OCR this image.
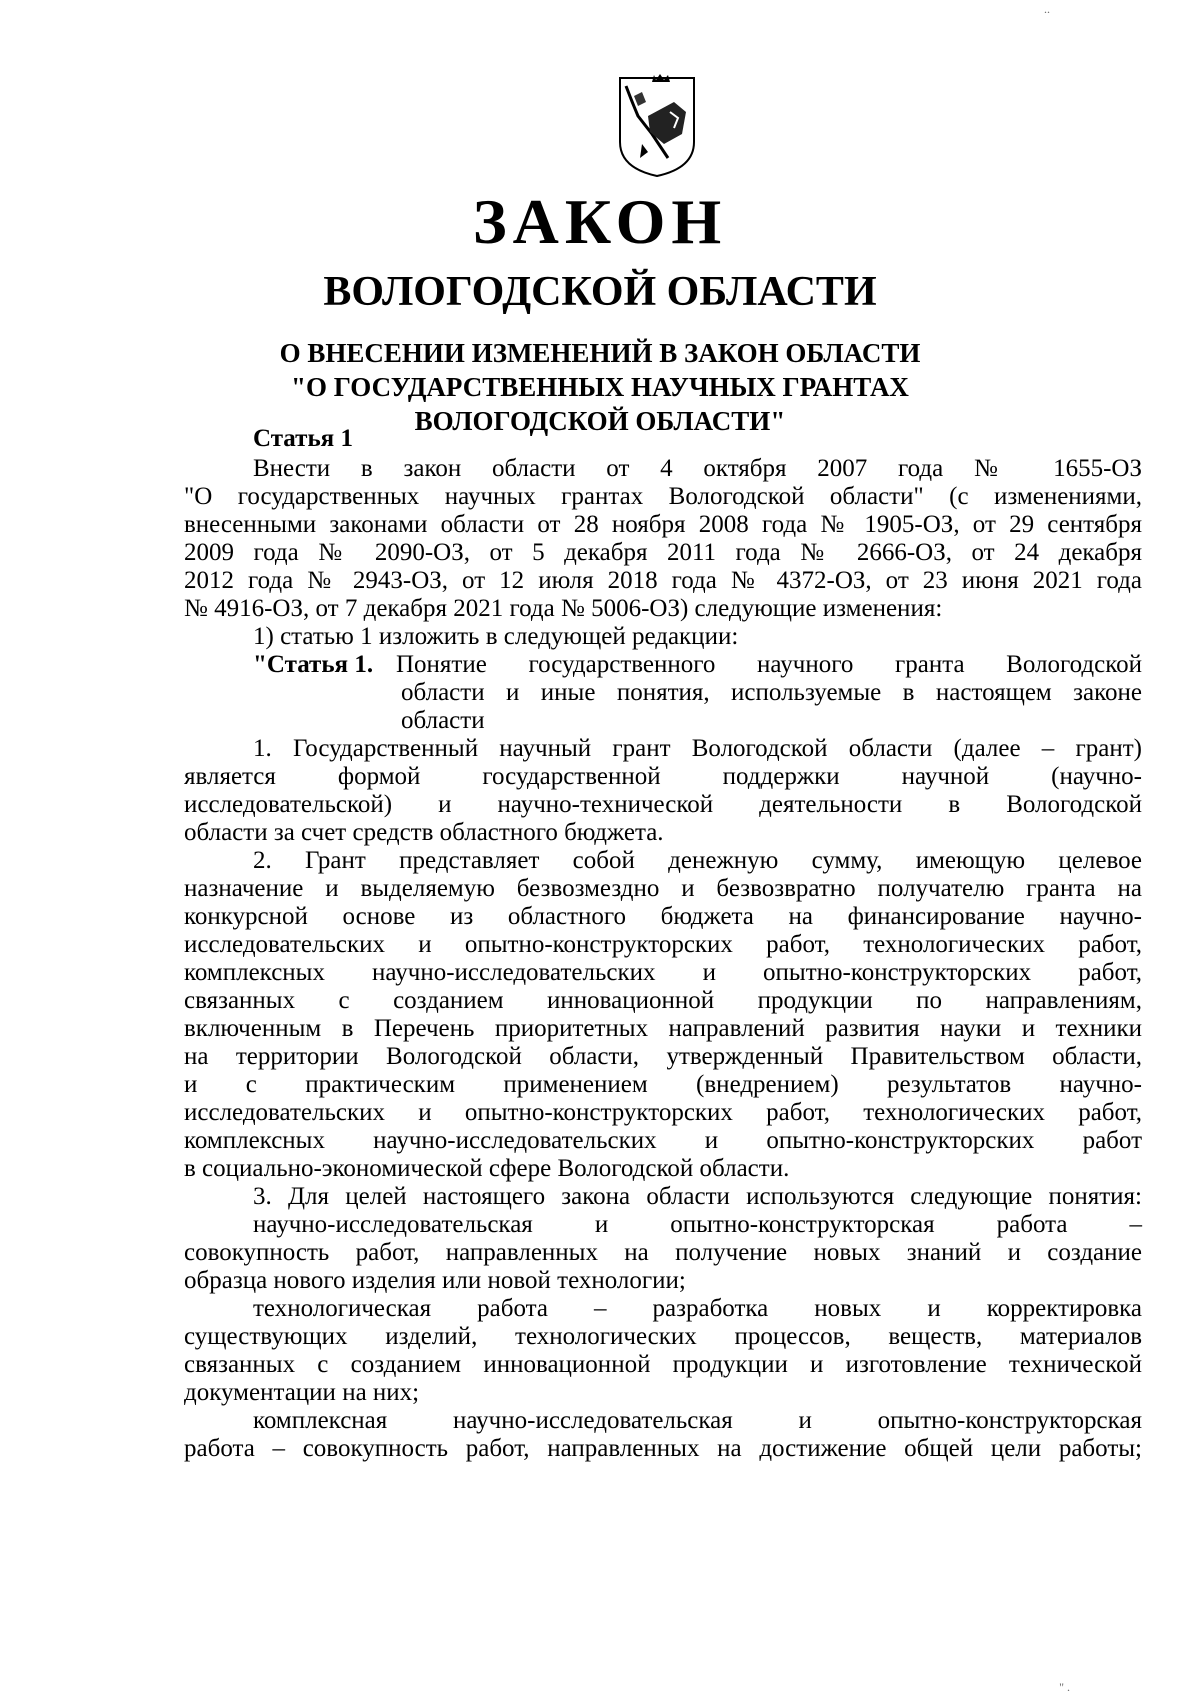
ЗАКОН
ВОЛОГОДСКОЙ ОБЛАСТИ
О ВНЕСЕНИИ ИЗМЕНЕНИЙ В ЗАКОН ОБЛАСТИ
"О ГОСУДАРСТВЕННЫХ НАУЧНЫХ ГРАНТАХ
ВОЛОГОДСКОЙ ОБЛАСТИ"
Статья 1
Внести в закон области от 4 октября 2007 года № 1655-ОЗ
"О государственных научных грантах Вологодской области" (с изменениями,
внесенными законами области от 28 ноября 2008 года № 1905-ОЗ, от 29 сентября
2009 года № 2090-ОЗ, от 5 декабря 2011 года № 2666-ОЗ, от 24 декабря
2012 года № 2943-ОЗ, от 12 июля 2018 года № 4372-ОЗ, от 23 июня 2021 года
№ 4916-ОЗ, от 7 декабря 2021 года № 5006-ОЗ) следующие изменения:
1) статью 1 изложить в следующей редакции:
"Статья 1. Понятие государственного научного гранта Вологодской
области и иные понятия, используемые в настоящем законе
области
1. Государственный научный грант Вологодской области (далее – грант)
является формой государственной поддержки научной (научно-
исследовательской) и научно-технической деятельности в Вологодской
области за счет средств областного бюджета.
2. Грант представляет собой денежную сумму, имеющую целевое
назначение и выделяемую безвозмездно и безвозвратно получателю гранта на
конкурсной основе из областного бюджета на финансирование научно-
исследовательских и опытно-конструкторских работ, технологических работ,
комплексных научно-исследовательских и опытно-конструкторских работ,
связанных с созданием инновационной продукции по направлениям,
включенным в Перечень приоритетных направлений развития науки и техники
на территории Вологодской области, утвержденный Правительством области,
и с практическим применением (внедрением) результатов научно-
исследовательских и опытно-конструкторских работ, технологических работ,
комплексных научно-исследовательских и опытно-конструкторских работ
в социально-экономической сфере Вологодской области.
3. Для целей настоящего закона области используются следующие понятия:
научно-исследовательская и опытно-конструкторская работа –
совокупность работ, направленных на получение новых знаний и создание
образца нового изделия или новой технологии;
технологическая работа – разработка новых и корректировка
существующих изделий, технологических процессов, веществ, материалов
связанных с созданием инновационной продукции и изготовление технической
документации на них;
комплексная научно-исследовательская и опытно-конструкторская
работа – совокупность работ, направленных на достижение общей цели работы;
..
" .
